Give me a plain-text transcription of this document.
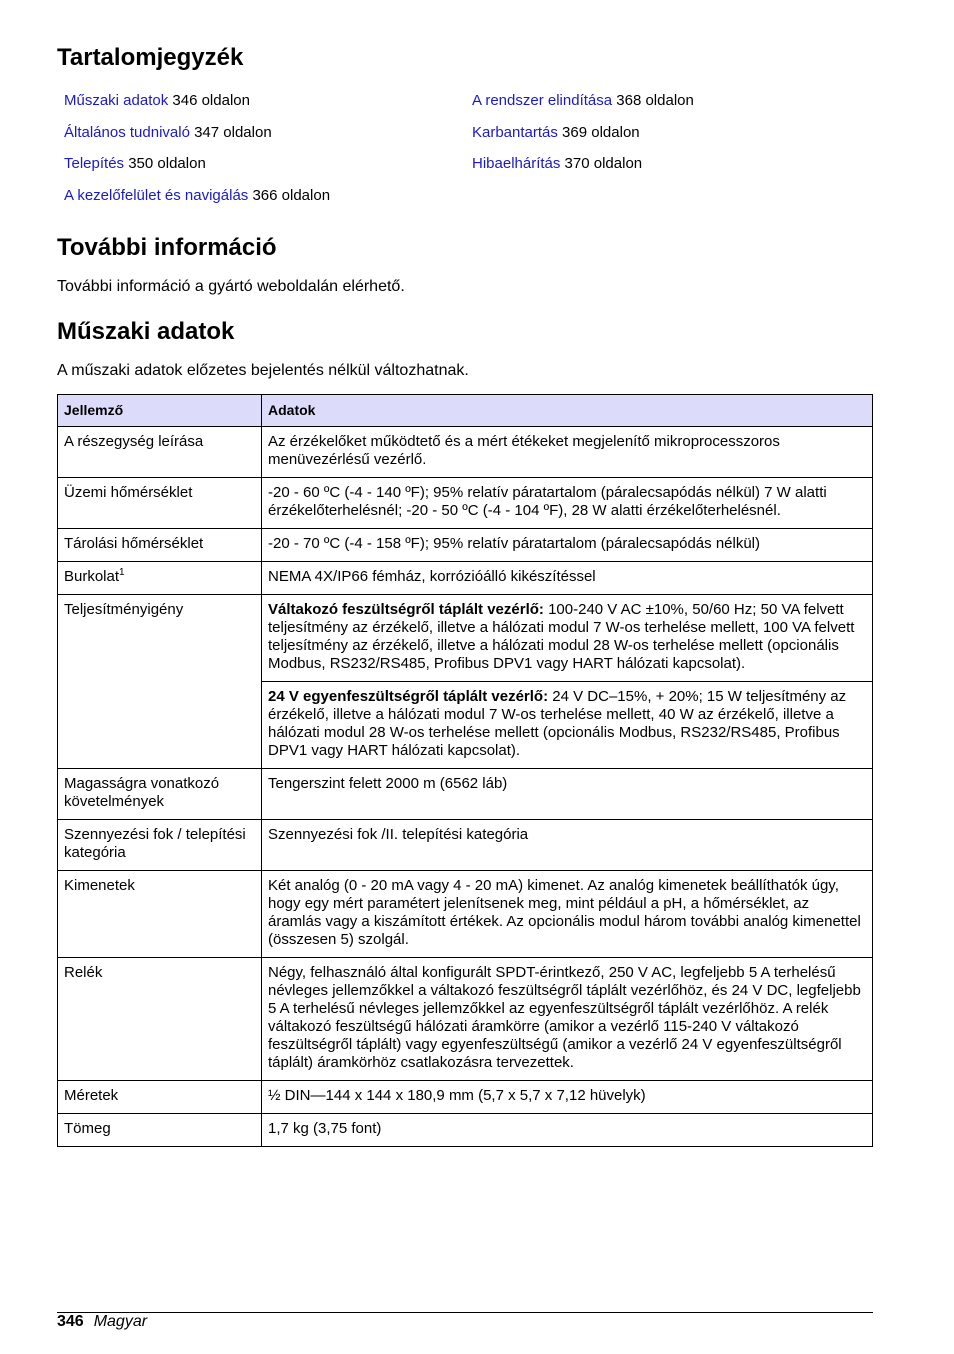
Tartalomjegyzék
Műszaki adatok 346 oldalon
Általános tudnivaló 347 oldalon
Telepítés 350 oldalon
A kezelőfelület és navigálás 366 oldalon
A rendszer elindítása 368 oldalon
Karbantartás 369 oldalon
Hibaelhárítás 370 oldalon
További információ

További információ a gyártó weboldalán elérhető.

Műszaki adatok

A műszaki adatok előzetes bejelentés nélkül változhatnak.

Jellemző	Adatok
A részegység leírása	Az érzékelőket működtető és a mért étékeket megjelenítő mikroprocesszoros menüvezérlésű vezérlő.
Üzemi hőmérséklet	-20 - 60 ºC (-4 - 140 ºF); 95% relatív páratartalom (páralecsapódás nélkül) 7 W alatti érzékelőterhelésnél; -20 - 50 ºC (-4 - 104 ºF), 28 W alatti érzékelőterhelésnél.
Tárolási hőmérséklet	-20 - 70 ºC (-4 - 158 ºF); 95% relatív páratartalom (páralecsapódás nélkül)
Burkolat$^1$	NEMA 4X/IP66 fémház, korrózióálló kikészítéssel
Teljesítményigény	Váltakozó feszültségről táplált vezérlő: 100-240 V AC ±10%, 50/60 Hz; 50 VA felvett teljesítmény az érzékelő, illetve a hálózati modul 7 W-os terhelése mellett, 100 VA felvett teljesítmény az érzékelő, illetve a hálózati modul 28 W-os terhelése mellett (opcionális Modbus, RS232/RS485, Profibus DPV1 vagy HART hálózati kapcsolat).
	24 V egyenfeszültségről táplált vezérlő: 24 V DC–15%, + 20%; 15 W teljesítmény az érzékelő, illetve a hálózati modul 7 W-os terhelése mellett, 40 W az érzékelő, illetve a hálózati modul 28 W-os terhelése mellett (opcionális Modbus, RS232/RS485, Profibus DPV1 vagy HART hálózati kapcsolat).
Magasságra vonatkozó követelmények	Tengerszint felett 2000 m (6562 láb)
Szennyezési fok / telepítési kategória	Szennyezési fok /II. telepítési kategória
Kimenetek	Két analóg (0 - 20 mA vagy 4 - 20 mA) kimenet. Az analóg kimenetek beállíthatók úgy, hogy egy mért paramétert jelenítsenek meg, mint például a pH, a hőmérséklet, az áramlás vagy a kiszámított értékek. Az opcionális modul három további analóg kimenettel (összesen 5) szolgál.
Relék	Négy, felhasználó által konfigurált SPDT-érintkező, 250 V AC, legfeljebb 5 A terhelésű névleges jellemzőkkel a váltakozó feszültségről táplált vezérlőhöz, és 24 V DC, legfeljebb 5 A terhelésű névleges jellemzőkkel az egyenfeszültségről táplált vezérlőhöz. A relék váltakozó feszültségű hálózati áramkörre (amikor a vezérlő 115-240 V váltakozó feszültségről táplált) vagy egyenfeszültségű (amikor a vezérlő 24 V egyenfeszültségről táplált) áramkörhöz csatlakozásra tervezettek.
Méretek	½ DIN—144 x 144 x 180,9 mm (5,7 x 5,7 x 7,12 hüvelyk)
Tömeg	1,7 kg (3,75 font)
346 Magyar
